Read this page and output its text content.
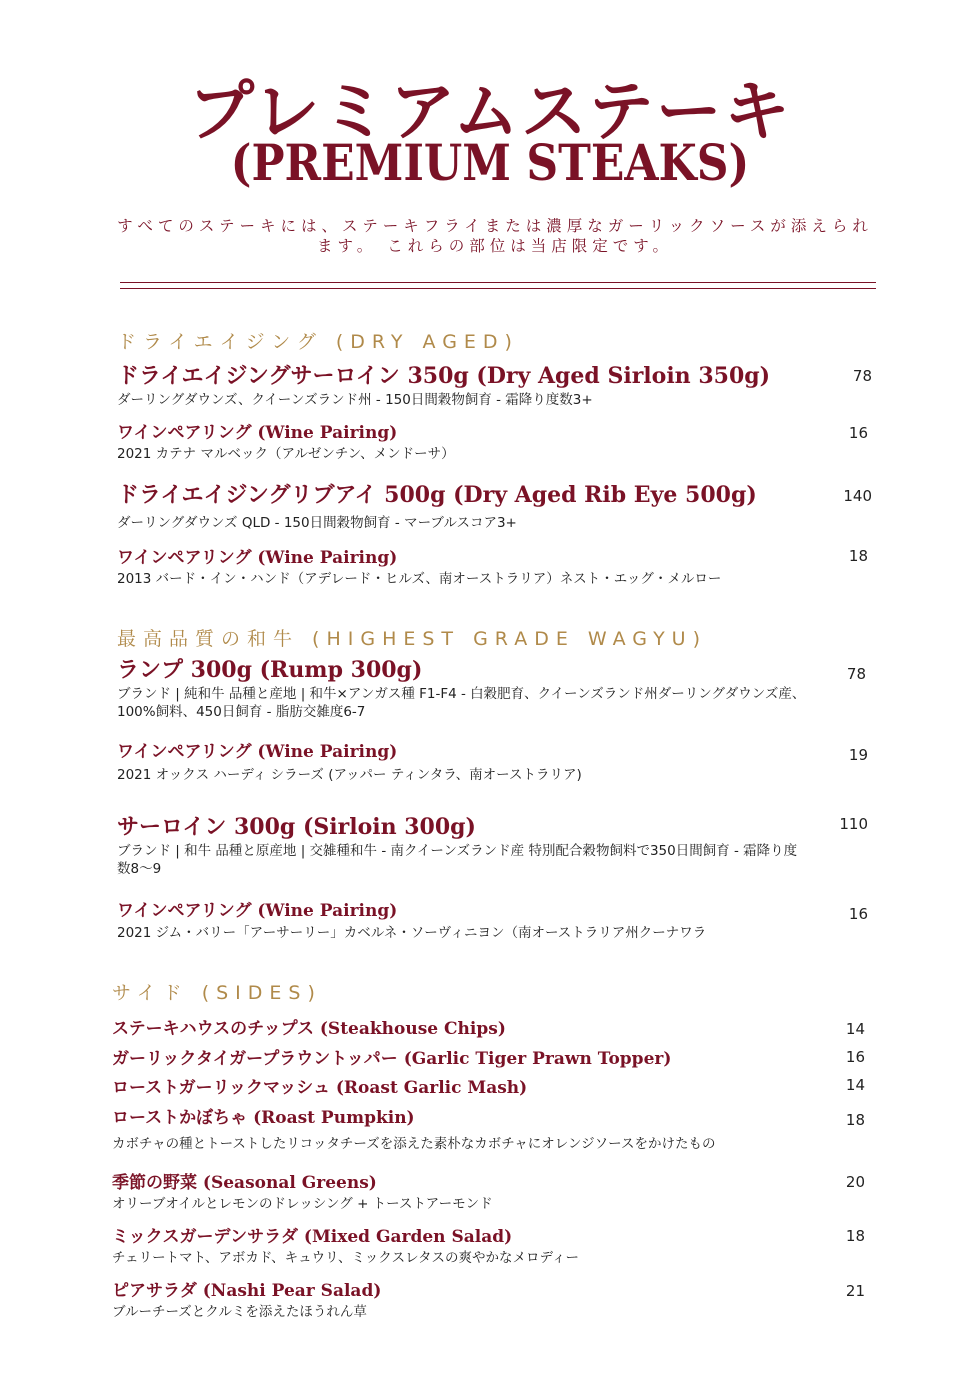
プレミアムステーキ
(PREMIUM STEAKS)
すべてのステーキには、ステーキフライまたは濃厚なガーリックソースが添えられます。 これらの部位は当店限定です。
ドライエイジング (DRY AGED)
ドライエイジングサーロイン 350g (Dry Aged Sirloin 350g)
ダーリングダウンズ、クイーンズランド州 - 150日間穀物飼育 - 霜降り度数3+
78
ワインペアリング (Wine Pairing)
2021 カテナ マルベック（アルゼンチン、メンドーサ）
16
ドライエイジングリブアイ 500g (Dry Aged Rib Eye 500g)
ダーリングダウンズ QLD - 150日間穀物飼育 - マーブルスコア3+
140
ワインペアリング (Wine Pairing)
2013 バード・イン・ハンド（アデレード・ヒルズ、南オーストラリア）ネスト・エッグ・メルロー
18
最高品質の和牛 (HIGHEST GRADE WAGYU)
ランプ 300g (Rump 300g)
ブランド | 純和牛 品種と産地 | 和牛×アンガス種 F1-F4 - 白穀肥育、クイーンズランド州ダーリングダウンズ産、100%飼料、450日飼育 - 脂肪交雑度6-7
78
ワインペアリング (Wine Pairing)
2021 オックス ハーディ シラーズ (アッパー ティンタラ、南オーストラリア)
19
サーロイン 300g (Sirloin 300g)
ブランド | 和牛 品種と原産地 | 交雑種和牛 - 南クイーンズランド産 特別配合穀物飼料で350日間飼育 - 霜降り度数8〜9
110
ワインペアリング (Wine Pairing)
2021 ジム・バリー「アーサーリー」カベルネ・ソーヴィニヨン（南オーストラリア州クーナワラ
16
サイド (SIDES)
ステーキハウスのチップス (Steakhouse Chips)	14
ガーリックタイガープラウントッパー (Garlic Tiger Prawn Topper)	16
ローストガーリックマッシュ (Roast Garlic Mash)	14
ローストかぼちゃ (Roast Pumpkin)
カボチャの種とトーストしたリコッタチーズを添えた素朴なカボチャにオレンジソースをかけたもの
18
季節の野菜 (Seasonal Greens)
オリーブオイルとレモンのドレッシング + トーストアーモンド
20
ミックスガーデンサラダ (Mixed Garden Salad)
チェリートマト、アボカド、キュウリ、ミックスレタスの爽やかなメロディー
18
ピアサラダ (Nashi Pear Salad)
ブルーチーズとクルミを添えたほうれん草
21
